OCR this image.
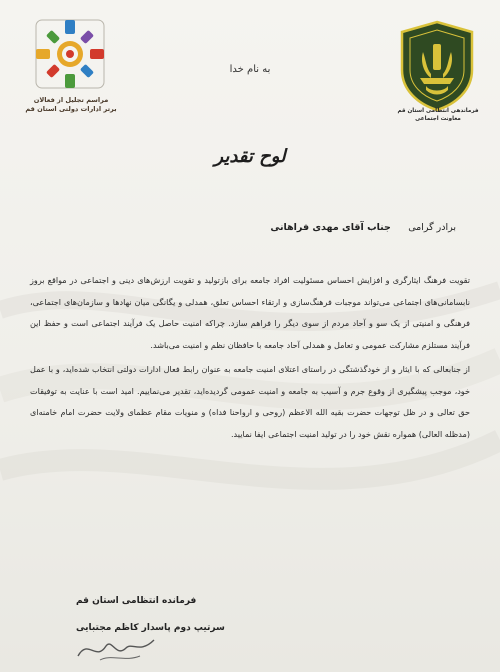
مراسم تجلیل از فعالان
برتر ادارات دولتی استان قم	فرماندهی انتظامی استان قم
معاونت اجتماعی
به نام خدا
لوح تقدیر
برادر گرامی جناب آقای مهدی فراهانی

تقویت فرهنگ ایثارگری و افزایش احساس مسئولیت افراد جامعه برای بازتولید و تقویت ارزش‌های دینی و اجتماعی در مواقع بروز نابسامانی‌های اجتماعی می‌تواند موجبات فرهنگ‌سازی و ارتقاء احساس تعلق، همدلی و یگانگی میان نهادها و سازمان‌های اجتماعی، فرهنگی و امنیتی از یک سو و آحاد مردم از سوی دیگر را فراهم سازد. چراکه امنیت حاصل یک فرآیند اجتماعی است و حفظ این فرآیند مستلزم مشارکت عمومی و تعامل و همدلی آحاد جامعه با حافظان نظم و امنیت می‌باشد.

از جنابعالی که با ایثار و از خودگذشتگی در راستای اعتلای امنیت جامعه به عنوان رابط فعال ادارات دولتی انتخاب شده‌اید، و با عمل خود، موجب پیشگیری از وقوع جرم و آسیب به جامعه و امنیت عمومی گردیده‌اید، تقدیر می‌نماییم. امید است با عنایت به توفیقات حق تعالی و در ظل توجهات حضرت بقیه الله الاعظم (روحی و ارواحنا فداه) و منویات مقام عظمای ولایت حضرت امام خامنه‌ای (مدظله العالی) همواره نقش خود را در تولید امنیت اجتماعی ایفا نمایید.

فرمانده انتظامی استان قم
سرتیپ دوم پاسدار کاظم مجتبایی
